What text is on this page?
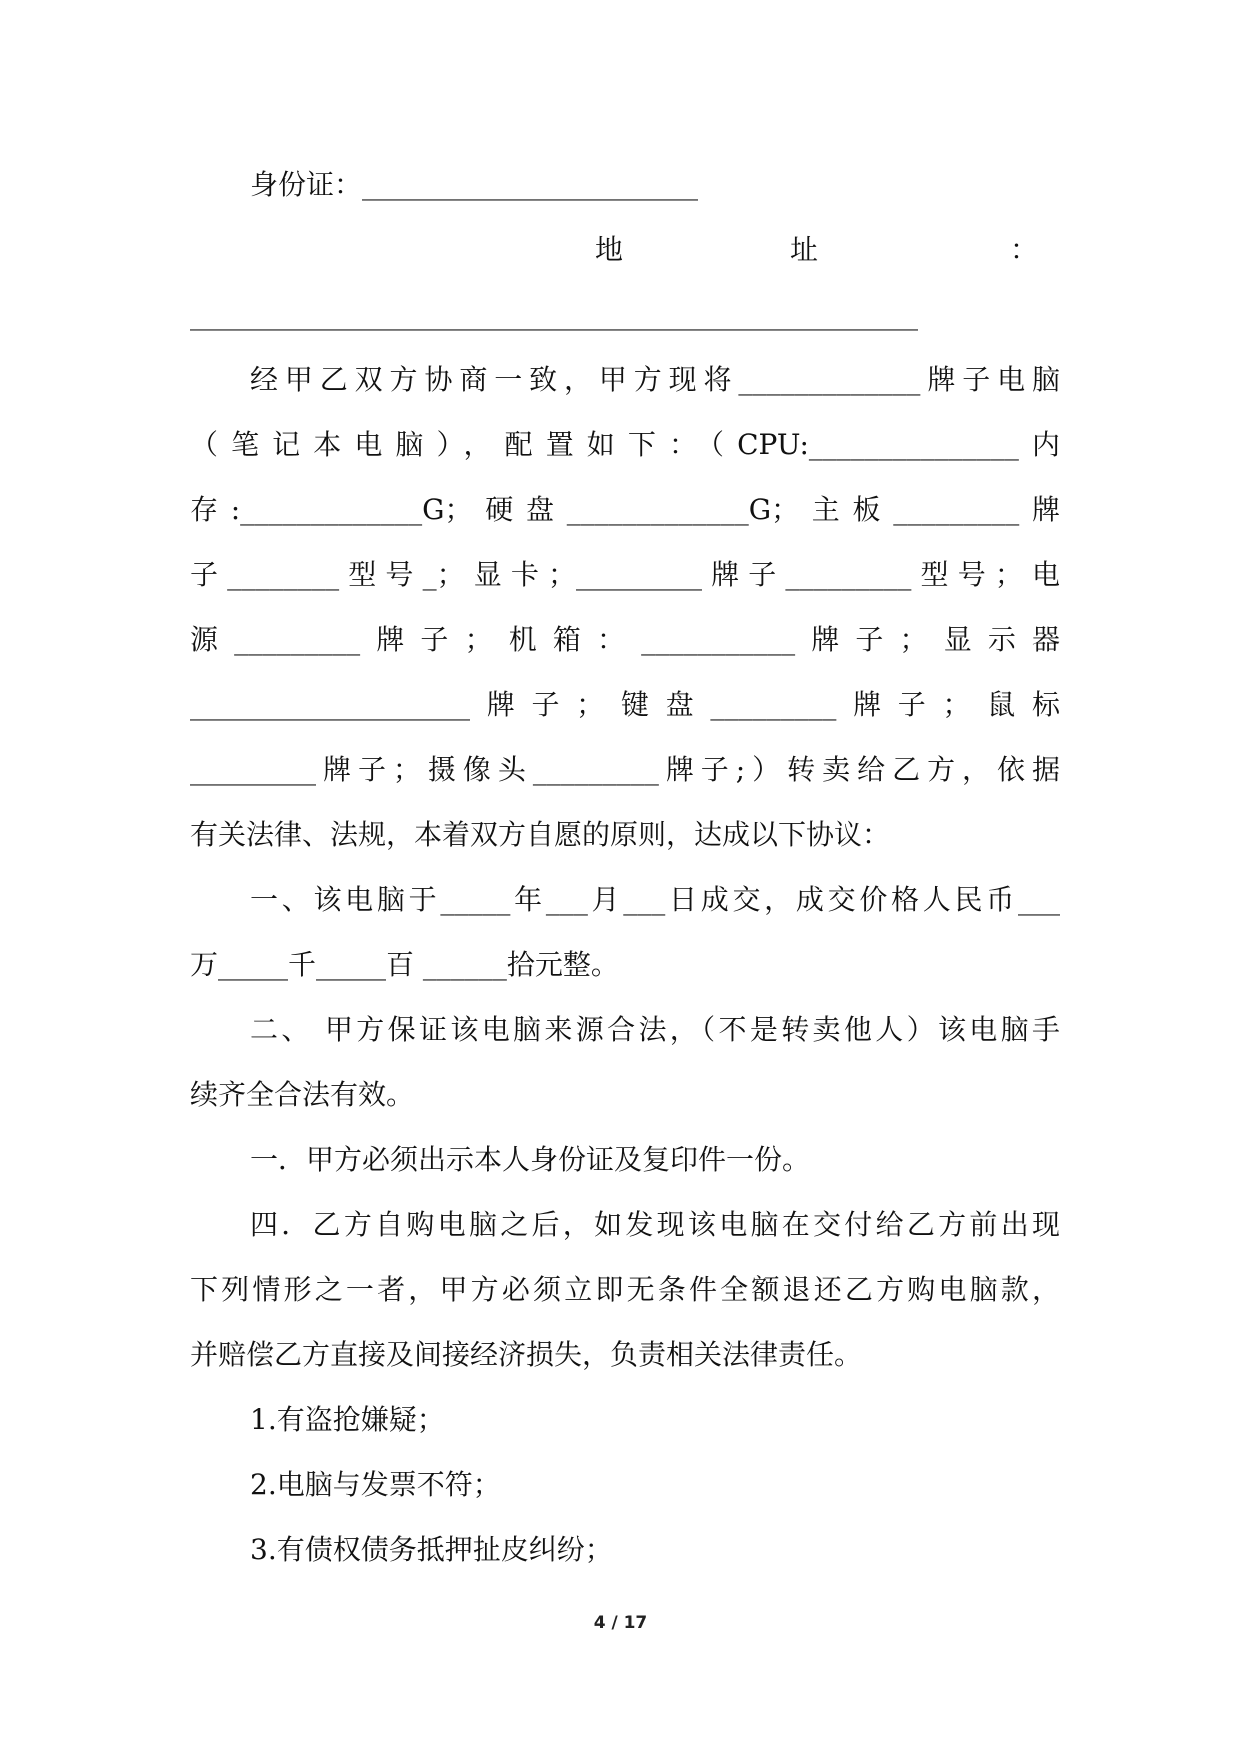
身份证：________________________
地	址	：
____________________________________________________
经甲乙双方协商一致，甲方现将_____________牌子电脑
（笔记本电脑），配置如下：（CPU:_______________内
存:_____________G；硬盘_____________G；主板_________牌
子________型号_；显卡；_________牌子_________型号；电
源_________牌子；机箱：___________牌子；显示器
____________________牌子；键盘_________牌子；鼠标
_________牌子；摄像头_________牌子;）转卖给乙方，依据
有关法律、法规，本着双方自愿的原则，达成以下协议：
一、该电脑于_____年___月___日成交，成交价格人民币___
万_____千_____百 ______拾元整。
二、 甲方保证该电脑来源合法，（不是转卖他人）该电脑手
续齐全合法有效。
一．甲方必须出示本人身份证及复印件一份。
四．乙方自购电脑之后，如发现该电脑在交付给乙方前出现
下列情形之一者，甲方必须立即无条件全额退还乙方购电脑款，
并赔偿乙方直接及间接经济损失，负责相关法律责任。
1.有盗抢嫌疑；
2.电脑与发票不符；
3.有债权债务抵押扯皮纠纷；
4 / 17
